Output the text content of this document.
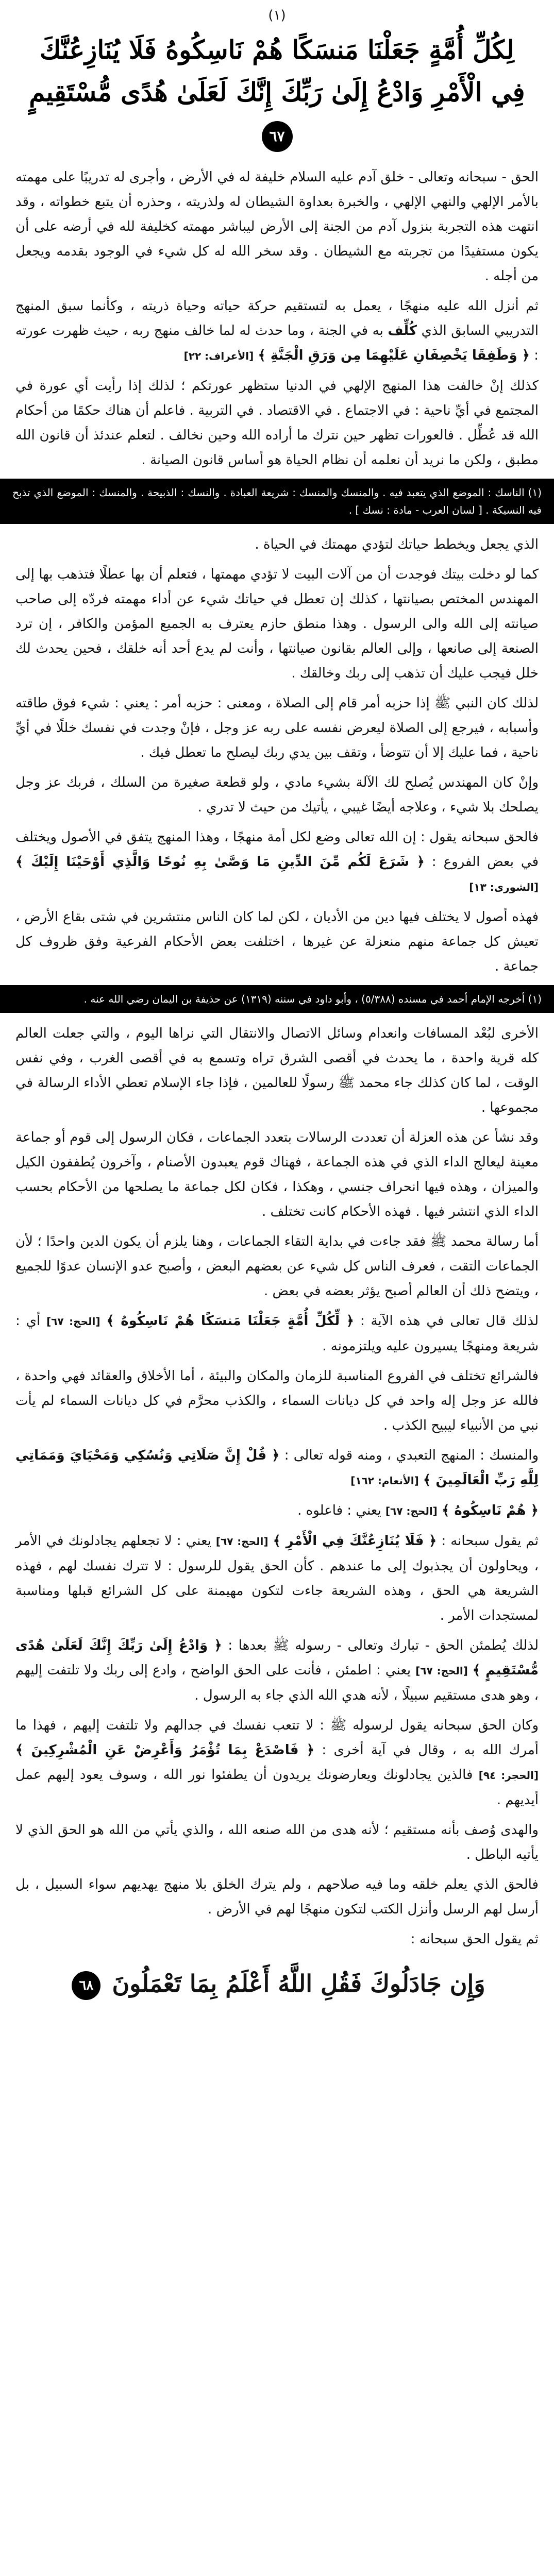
(١)
لِكُلِّ أُمَّةٍ جَعَلْنَا مَنسَكًا هُمْ نَاسِكُوهُ فَلَا يُنَازِعُنَّكَ فِي الْأَمْرِ وَادْعُ إِلَىٰ رَبِّكَ إِنَّكَ لَعَلَىٰ هُدًى مُّسْتَقِيمٍ ٦٧

الحق - سبحانه وتعالى - خلق آدم عليه السلام خليفة له في الأرض ، وأجرى له تدريبًا على مهمته بالأمر الإلهي والنهي الإلهي ، والخبرة بعداوة الشيطان له ولذريته ، وحذره أن يتبع خطواته ، وقد انتهت هذه التجربة بنزول آدم من الجنة إلى الأرض ليباشر مهمته كخليفة لله في أرضه على أن يكون مستفيدًا من تجربته مع الشيطان . وقد سخر الله له كل شيء في الوجود بقدمه ويجعل من أجله .

ثم أنزل الله عليه منهجًا ، يعمل به لتستقيم حركة حياته وحياة ذريته ، وكأنما سبق المنهج التدريبي السابق الذي كُلِّف به في الجنة ، وما حدث له لما خالف منهج ربه ، حيث ظهرت عورته : ﴿ وَطَفِقَا يَخْصِفَانِ عَلَيْهِمَا مِن وَرَقِ الْجَنَّةِ ﴾ [الأعراف: ٢٢]

كذلك إنْ خالفت هذا المنهج الإلهي في الدنيا ستظهر عورتكم ؛ لذلك إذا رأيت أي عورة في المجتمع في أيِّ ناحية : في الاجتماع . في الاقتصاد . في التربية . فاعلم أن هناك حكمًا من أحكام الله قد عُطِّل . فالعورات تظهر حين نترك ما أراده الله وحين نخالف . لتعلم عندئذ أن قانون الله مطبق ، ولكن ما نريد أن نعلمه أن نظام الحياة هو أساس قانون الصيانة .

(١) الناسك : الموضع الذي يتعبد فيه . والمنسك والمنسك : شريعة العبادة . والنسك : الذبيحة . والمنسك : الموضع الذي تذبح فيه النسيكة . [ لسان العرب - مادة : نسك ] .

الذي يجعل ويخطط حياتك لتؤدي مهمتك في الحياة .

كما لو دخلت بيتك فوجدت أن من آلات البيت لا تؤدي مهمتها ، فتعلم أن بها عطلًا فتذهب بها إلى المهندس المختص بصيانتها ، كذلك إن تعطل في حياتك شيء عن أداء مهمته فردّه إلى صاحب صيانته إلى الله والى الرسول . وهذا منطق حازم يعترف به الجميع المؤمن والكافر ، إن ترد الصنعة إلى صانعها ، وإلى العالم بقانون صيانتها ، وأنت لم يدع أحد أنه خلقك ، فحين يحدث لك خلل فيجب عليك أن تذهب إلى ربك وخالقك .

لذلك كان النبي ﷺ إذا حزبه أمر قام إلى الصلاة ، ومعنى : حزبه أمر : يعني : شيء فوق طاقته وأسبابه ، فيرجع إلى الصلاة ليعرض نفسه على ربه عز وجل ، فإنْ وجدت في نفسك خللًا في أيِّ ناحية ، فما عليك إلا أن تتوضأ ، وتقف بين يدي ربك ليصلح ما تعطل فيك .

وإنْ كان المهندس يُصلح لك الآلة بشيء مادي ، ولو قطعة صغيرة من السلك ، فربك عز وجل يصلحك بلا شيء ، وعلاجه أيضًا غيبي ، يأتيك من حيث لا تدري .

فالحق سبحانه يقول : إن الله تعالى وضع لكل أمة منهجًا ، وهذا المنهج يتفق في الأصول ويختلف في بعض الفروع : ﴿ شَرَعَ لَكُم مِّنَ الدِّينِ مَا وَصَّىٰ بِهِ نُوحًا وَالَّذِي أَوْحَيْنَا إِلَيْكَ ﴾ [الشورى: ١٣]

فهذه أصول لا يختلف فيها دين من الأديان ، لكن لما كان الناس منتشرين في شتى بقاع الأرض ، تعيش كل جماعة منهم منعزلة عن غيرها ، اختلفت بعض الأحكام الفرعية وفق ظروف كل جماعة .

(١) أخرجه الإمام أحمد في مسنده (٥/٣٨٨) ، وأبو داود في سننه (١٣١٩) عن حذيفة بن اليمان رضي الله عنه .

الأخرى لبُعْد المسافات وانعدام وسائل الاتصال والانتقال التي نراها اليوم ، والتي جعلت العالم كله قرية واحدة ، ما يحدث في أقصى الشرق تراه وتسمع به في أقصى الغرب ، وفي نفس الوقت ، لما كان كذلك جاء محمد ﷺ رسولًا للعالمين ، فإذا جاء الإسلام تعطي الأداء الرسالة في مجموعها .

وقد نشأ عن هذه العزلة أن تعددت الرسالات بتعدد الجماعات ، فكان الرسول إلى قوم أو جماعة معينة ليعالج الداء الذي في هذه الجماعة ، فهناك قوم يعبدون الأصنام ، وآخرون يُطففون الكيل والميزان ، وهذه فيها انحراف جنسي ، وهكذا ، فكان لكل جماعة ما يصلحها من الأحكام بحسب الداء الذي انتشر فيها . فهذه الأحكام كانت تختلف .

أما رسالة محمد ﷺ فقد جاءت في بداية التقاء الجماعات ، وهنا يلزم أن يكون الدين واحدًا ؛ لأن الجماعات التقت ، فعرف الناس كل شيء عن بعضهم البعض ، وأصبح عدو الإنسان عدوًا للجميع ، ويتضح ذلك أن العالم أصبح يؤثر بعضه في بعض .

لذلك قال تعالى في هذه الآية : ﴿ لِّكُلِّ أُمَّةٍ جَعَلْنَا مَنسَكًا هُمْ نَاسِكُوهُ ﴾ [الحج: ٦٧] أي : شريعة ومنهجًا يسيرون عليه ويلتزمونه .

فالشرائع تختلف في الفروع المناسبة للزمان والمكان والبيئة ، أما الأخلاق والعقائد فهي واحدة ، فالله عز وجل إله واحد في كل ديانات السماء ، والكذب محرَّم في كل ديانات السماء لم يأت نبي من الأنبياء ليبيح الكذب .

والمنسك : المنهج التعبدي ، ومنه قوله تعالى : ﴿ قُلْ إِنَّ صَلَاتِي وَنُسُكِي وَمَحْيَايَ وَمَمَاتِي لِلَّهِ رَبِّ الْعَالَمِينَ ﴾ [الأنعام: ١٦٢]

﴿ هُمْ نَاسِكُوهُ ﴾ [الحج: ٦٧] يعني : فاعلوه .

ثم يقول سبحانه : ﴿ فَلَا يُنَازِعُنَّكَ فِي الْأَمْرِ ﴾ [الحج: ٦٧] يعني : لا تجعلهم يجادلونك في الأمر ، ويحاولون أن يجذبوك إلى ما عندهم . كأن الحق يقول للرسول : لا تترك نفسك لهم ، فهذه الشريعة هي الحق ، وهذه الشريعة جاءت لتكون مهيمنة على كل الشرائع قبلها ومناسبة لمستجدات الأمر .

لذلك يُطمئن الحق - تبارك وتعالى - رسوله ﷺ بعدها : ﴿ وَادْعُ إِلَىٰ رَبِّكَ إِنَّكَ لَعَلَىٰ هُدًى مُّسْتَقِيمٍ ﴾ [الحج: ٦٧] يعني : اطمئن ، فأنت على الحق الواضح ، وادع إلى ربك ولا تلتفت إليهم ، وهو هدى مستقيم سبيلًا ، لأنه هدي الله الذي جاء به الرسول .

وكان الحق سبحانه يقول لرسوله ﷺ : لا تتعب نفسك في جدالهم ولا تلتفت إليهم ، فهذا ما أمرك الله به ، وقال في آية أخرى : ﴿ فَاصْدَعْ بِمَا تُؤْمَرُ وَأَعْرِضْ عَنِ الْمُشْرِكِينَ ﴾ [الحجر: ٩٤] فالذين يجادلونك ويعارضونك يريدون أن يطفئوا نور الله ، وسوف يعود إليهم عمل أيديهم .

والهدى وُصف بأنه مستقيم ؛ لأنه هدى من الله صنعه الله ، والذي يأتي من الله هو الحق الذي لا يأتيه الباطل .

فالحق الذي يعلم خلقه وما فيه صلاحهم ، ولم يترك الخلق بلا منهج يهديهم سواء السبيل ، بل أرسل لهم الرسل وأنزل الكتب لتكون منهجًا لهم في الأرض .

ثم يقول الحق سبحانه :

وَإِن جَادَلُوكَ فَقُلِ اللَّهُ أَعْلَمُ بِمَا تَعْمَلُونَ ٦٨
